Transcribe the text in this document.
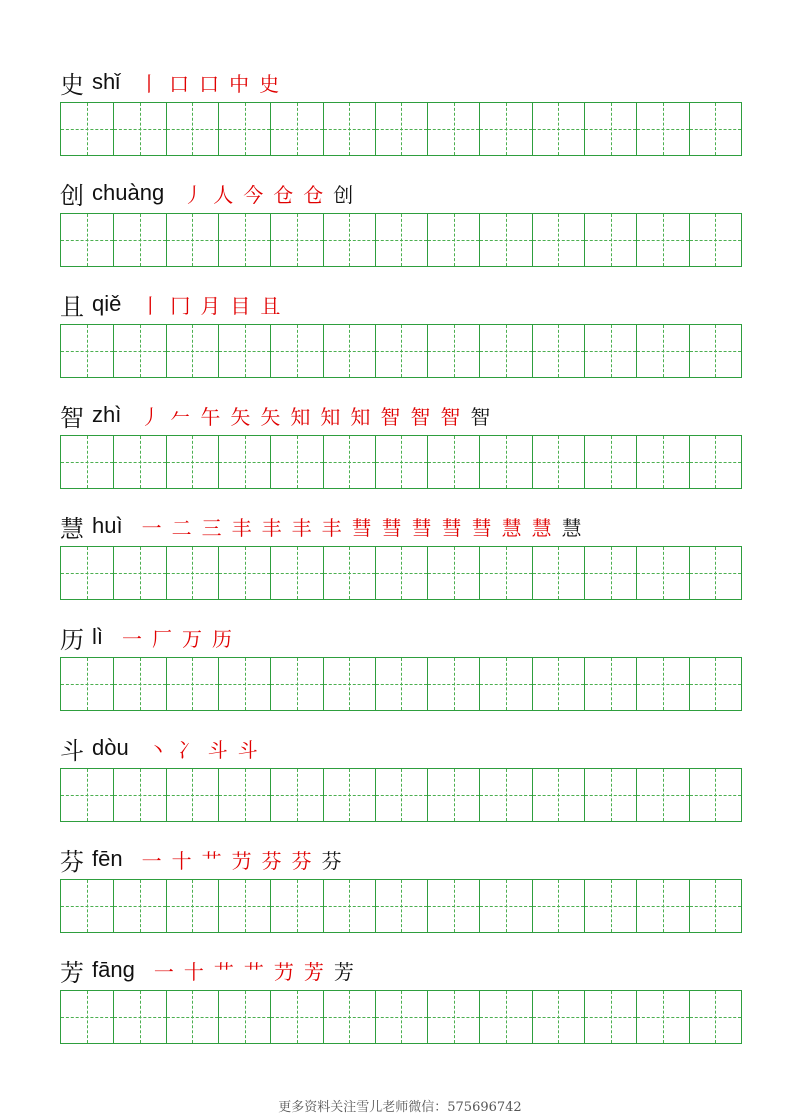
史 shǐ 丨 口 口 中 史
创 chuàng 丿 人 今 仓 仓 创
且 qiě 丨 冂 月 目 且
智 zhì 丿 𠂉 午 矢 矢 知 知 知 智 智 智 智
慧 huì 一 二 三 丰 丰 丰 丰 彗 彗 彗 彗 彗 慧 慧 慧
历 lì 一 厂 万 历
斗 dòu 丶 冫 斗 斗
芬 fēn 一 十 艹 芀 芬 芬 芬
芳 fāng 一 十 艹 艹 芀 芳 芳
更多资料关注雪儿老师微信：575696742
